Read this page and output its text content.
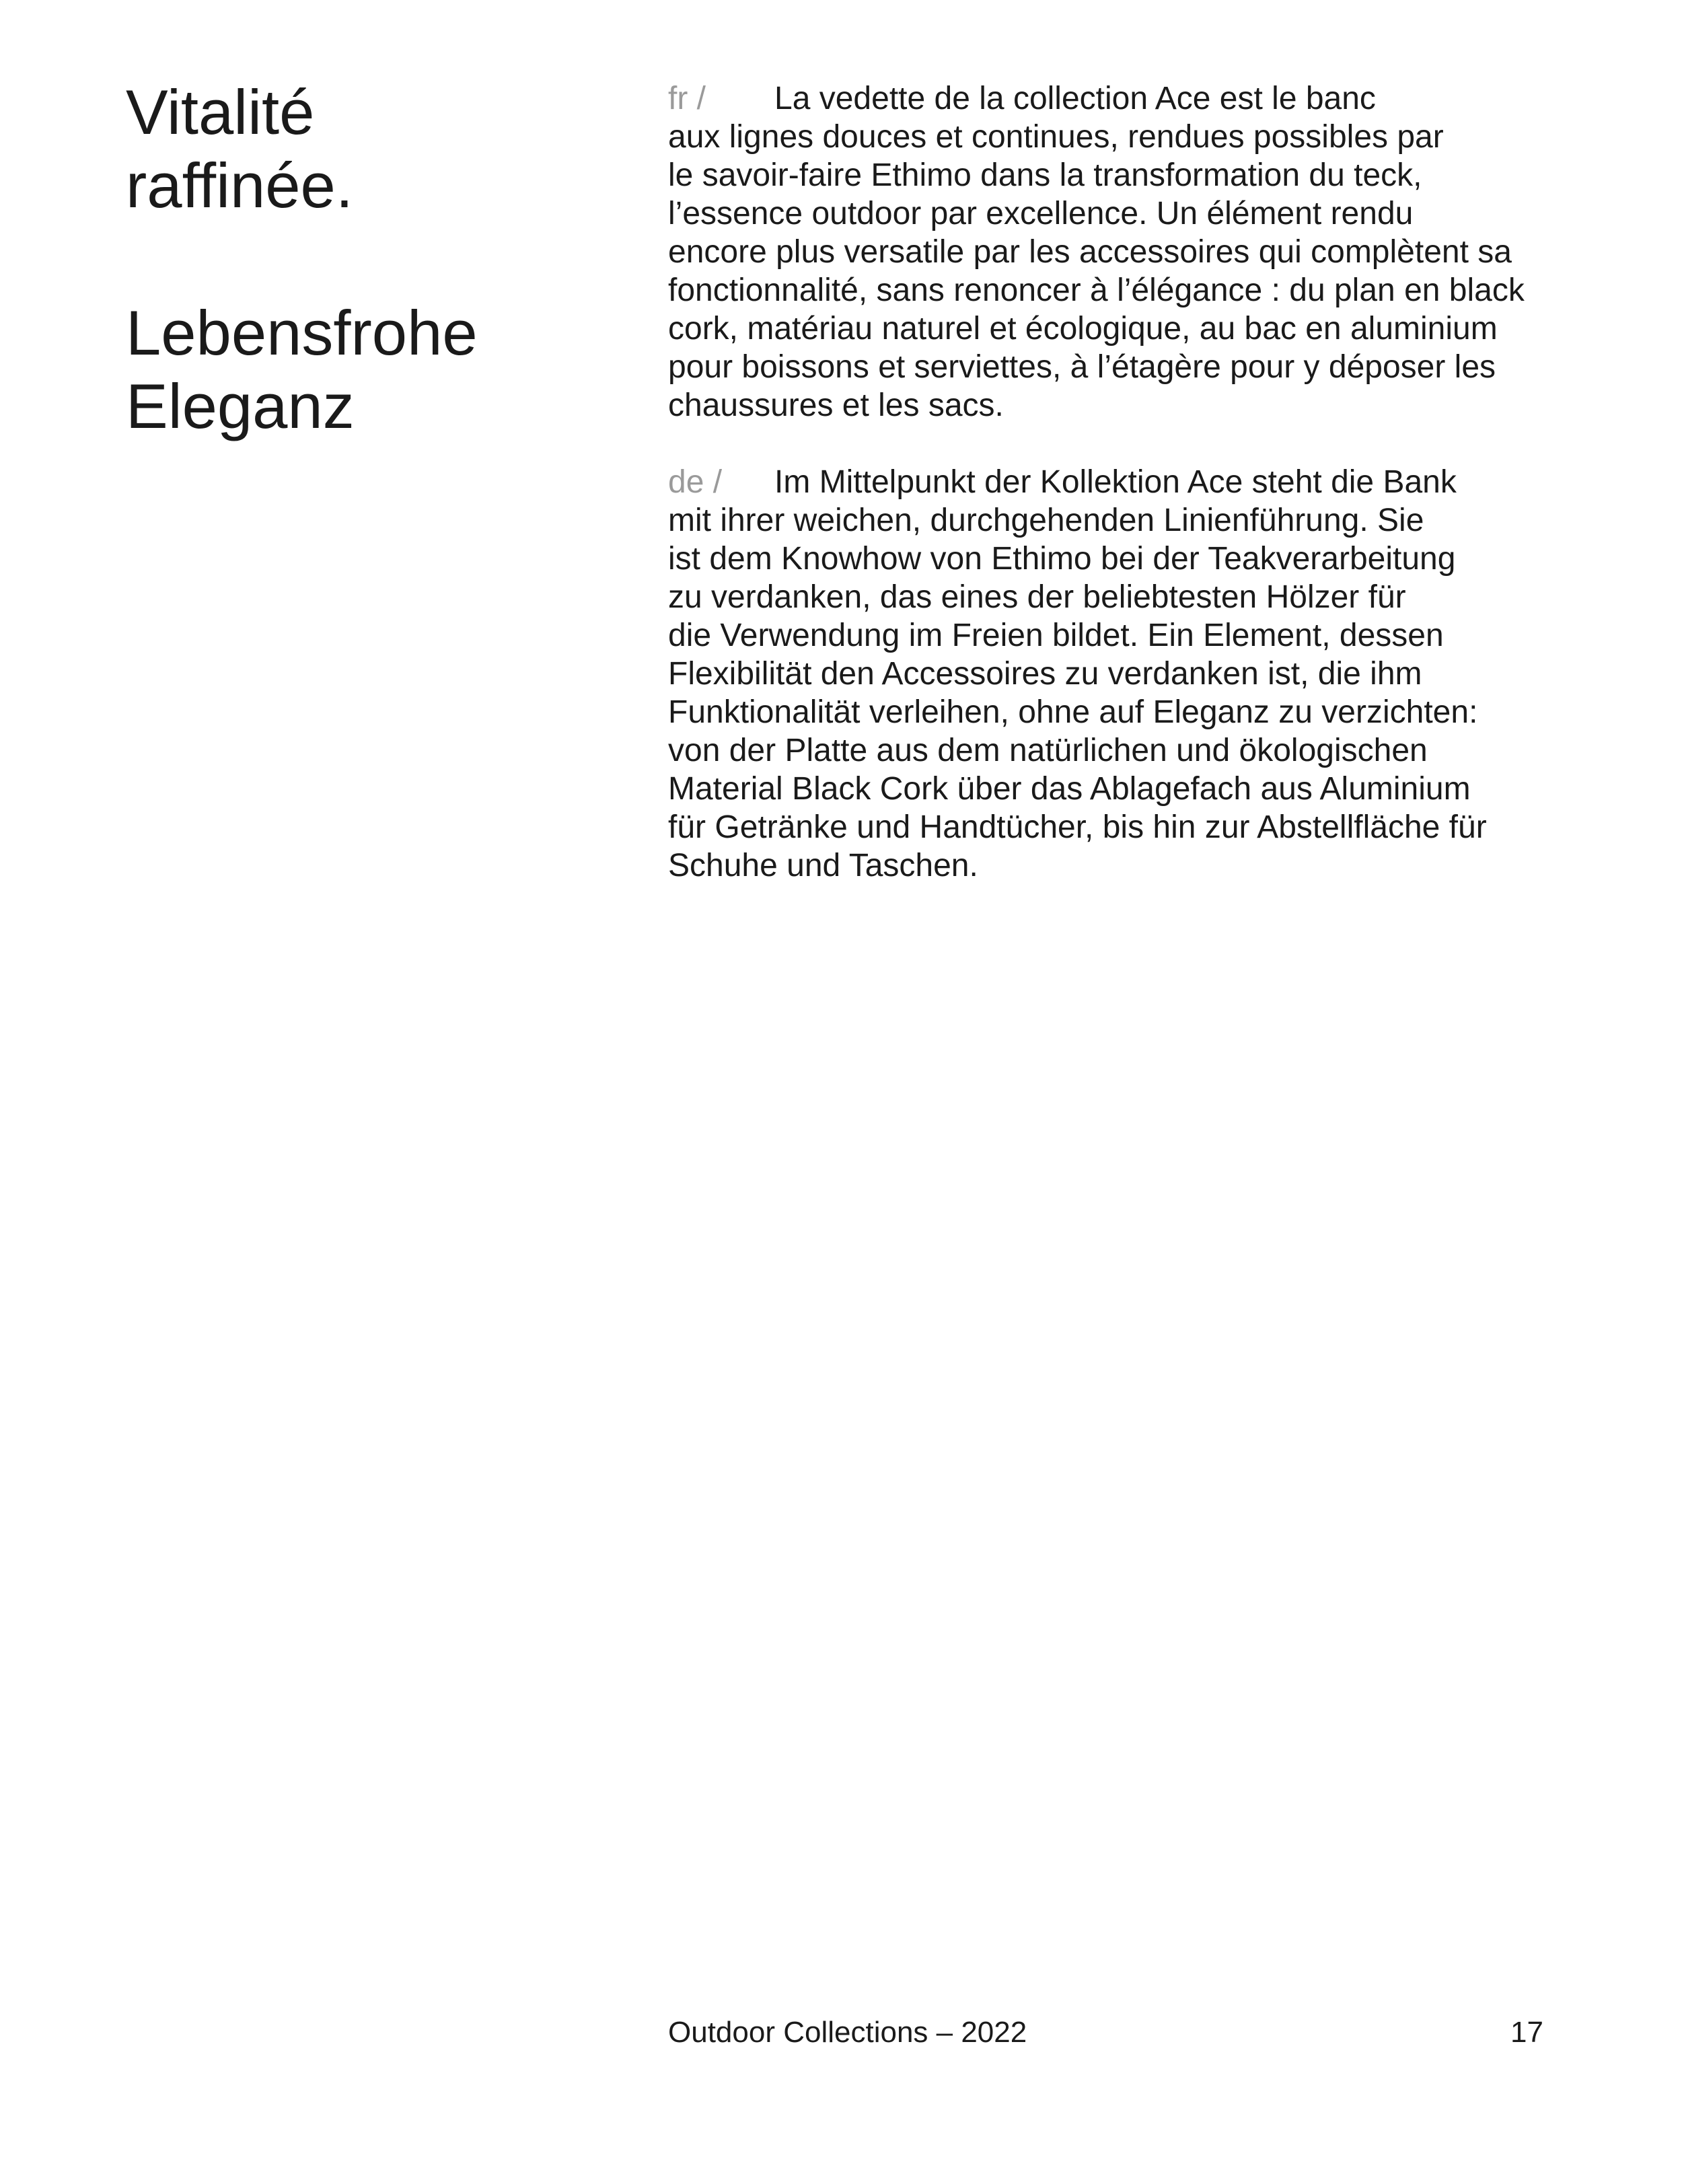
Vitalité
raffinée.
Lebensfrohe
Eleganz

fr / La vedette de la collection Ace est le banc
aux lignes douces et continues, rendues possibles par
le savoir-faire Ethimo dans la transformation du teck,
l’essence outdoor par excellence. Un élément rendu
encore plus versatile par les accessoires qui complètent sa
fonctionnalité, sans renoncer à l’élégance : du plan en black
cork, matériau naturel et écologique, au bac en aluminium
pour boissons et serviettes, à l’étagère pour y déposer les
chaussures et les sacs.

de / Im Mittelpunkt der Kollektion Ace steht die Bank
mit ihrer weichen, durchgehenden Linienführung. Sie
ist dem Knowhow von Ethimo bei der Teakverarbeitung
zu verdanken, das eines der beliebtesten Hölzer für
die Verwendung im Freien bildet. Ein Element, dessen
Flexibilität den Accessoires zu verdanken ist, die ihm
Funktionalität verleihen, ohne auf Eleganz zu verzichten:
von der Platte aus dem natürlichen und ökologischen
Material Black Cork über das Ablagefach aus Aluminium
für Getränke und Handtücher, bis hin zur Abstellfläche für
Schuhe und Taschen.

Outdoor Collections – 2022	17
